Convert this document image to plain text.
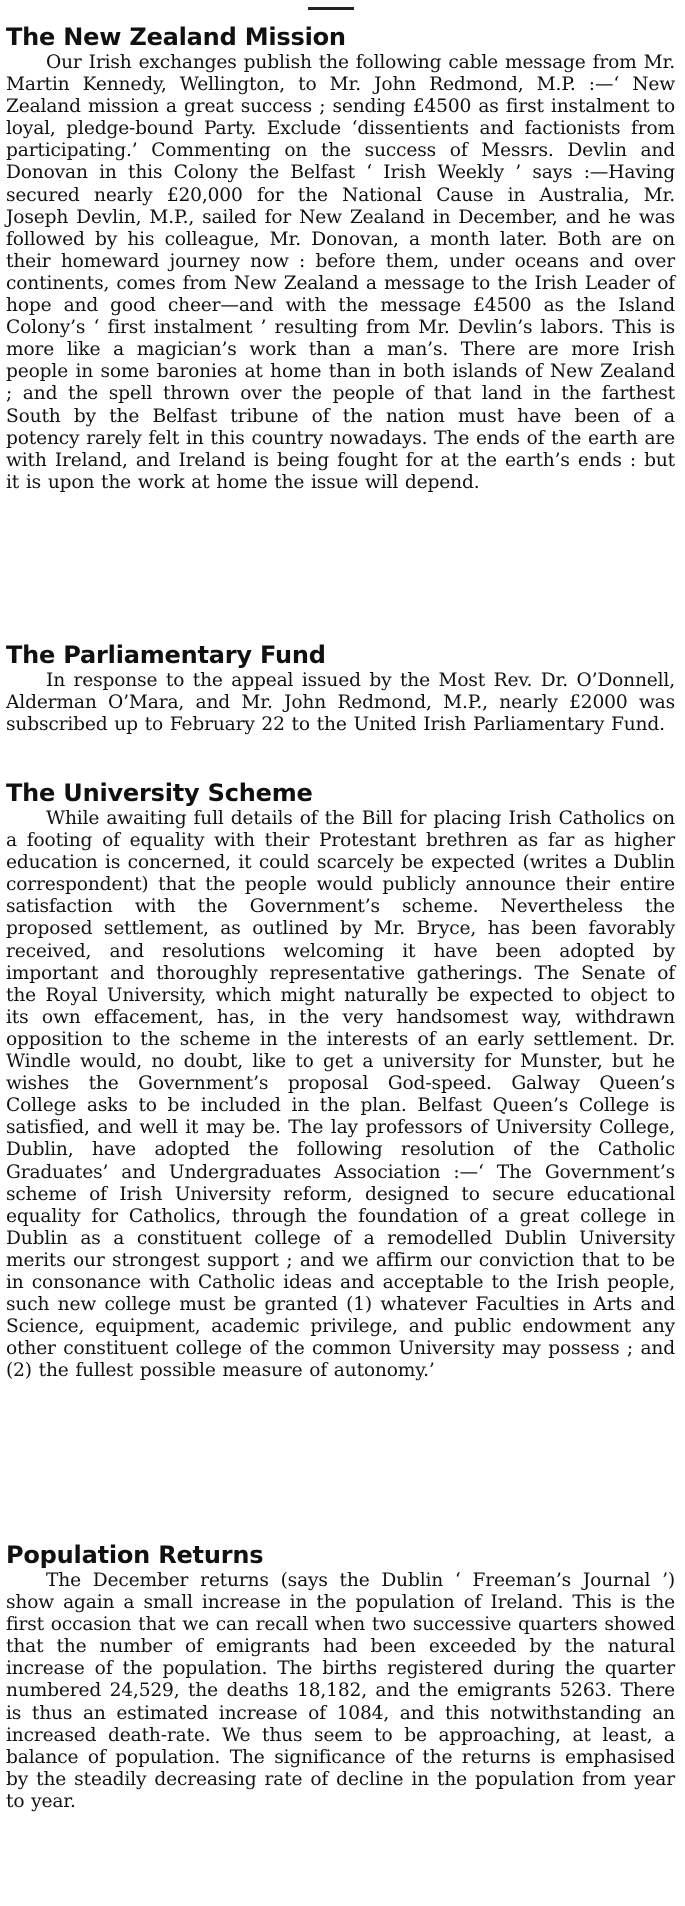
The New Zealand Mission

Our Irish exchanges publish the following cable message from Mr. Martin Kennedy, Wellington, to Mr. John Redmond, M.P. :—‘ New Zealand mission a great success ; sending £4500 as first instalment to loyal, pledge-bound Party. Exclude ‘dissentients and factionists from participating.’ Commenting on the success of Messrs. Devlin and Donovan in this Colony the Belfast ‘ Irish Weekly ’ says :—Having secured nearly £20,000 for the National Cause in Australia, Mr. Joseph Devlin, M.P., sailed for New Zealand in December, and he was followed by his colleague, Mr. Donovan, a month later. Both are on their homeward journey now : before them, under oceans and over continents, comes from New Zealand a message to the Irish Leader of hope and good cheer—and with the message £4500 as the Island Colony’s ‘ first instalment ’ resulting from Mr. Devlin’s labors. This is more like a magician’s work than a man’s. There are more Irish people in some baronies at home than in both islands of New Zealand ; and the spell thrown over the people of that land in the farthest South by the Belfast tribune of the nation must have been of a potency rarely felt in this country nowadays. The ends of the earth are with Ireland, and Ireland is being fought for at the earth’s ends : but it is upon the work at home the issue will depend.

The Parliamentary Fund

In response to the appeal issued by the Most Rev. Dr. O’Donnell, Alderman O’Mara, and Mr. John Redmond, M.P., nearly £2000 was subscribed up to February 22 to the United Irish Parliamentary Fund.

The University Scheme

While awaiting full details of the Bill for placing Irish Catholics on a footing of equality with their Protestant brethren as far as higher education is concerned, it could scarcely be expected (writes a Dublin correspondent) that the people would publicly announce their entire satisfaction with the Government’s scheme. Nevertheless the proposed settlement, as outlined by Mr. Bryce, has been favorably received, and resolutions welcoming it have been adopted by important and thoroughly representative gatherings. The Senate of the Royal University, which might naturally be expected to object to its own effacement, has, in the very handsomest way, withdrawn opposition to the scheme in the interests of an early settlement. Dr. Windle would, no doubt, like to get a university for Munster, but he wishes the Government’s proposal God-speed. Galway Queen’s College asks to be included in the plan. Belfast Queen’s College is satisfied, and well it may be. The lay professors of University College, Dublin, have adopted the following resolution of the Catholic Graduates’ and Undergraduates Association :—‘ The Government’s scheme of Irish University reform, designed to secure educational equality for Catholics, through the foundation of a great college in Dublin as a constituent college of a remodelled Dublin University merits our strongest support ; and we affirm our conviction that to be in consonance with Catholic ideas and acceptable to the Irish people, such new college must be granted (1) whatever Faculties in Arts and Science, equipment, academic privilege, and public endowment any other constituent college of the common University may possess ; and (2) the fullest possible measure of autonomy.’

Population Returns

The December returns (says the Dublin ‘ Freeman’s Journal ’) show again a small increase in the population of Ireland. This is the first occasion that we can recall when two successive quarters showed that the number of emigrants had been exceeded by the natural increase of the population. The births registered during the quarter numbered 24,529, the deaths 18,182, and the emigrants 5263. There is thus an estimated increase of 1084, and this notwithstanding an increased death-rate. We thus seem to be approaching, at least, a balance of population. The significance of the returns is emphasised by the steadily decreasing rate of decline in the population from year to year.
